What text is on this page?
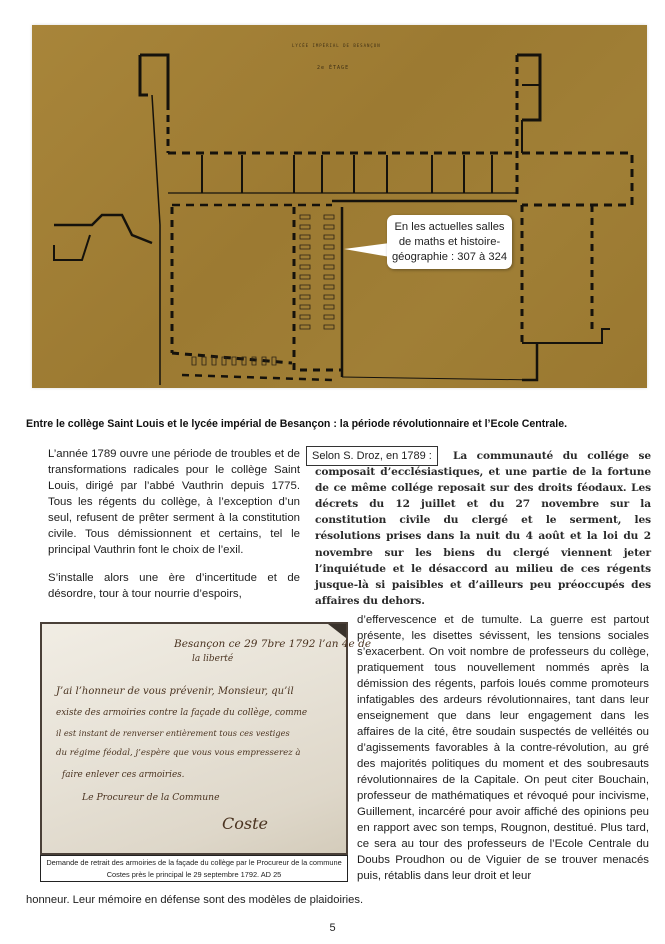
LYCÉE IMPÉRIAL DE BESANÇON
2e ÉTAGE
En les actuelles salles
de maths et histoire-
géographie : 307 à 324
Entre le collège Saint Louis et le lycée impérial de Besançon : la période révolutionnaire et l’Ecole Centrale.

L’année 1789 ouvre une période de troubles et de transformations radicales pour le collège Saint Louis, dirigé par l’abbé Vauthrin depuis 1775. Tous les régents du collège, à l’exception d’un seul, refusent de prêter serment à la constitution civile. Tous démissionnent et certains, tel le principal Vauthrin font le choix de l’exil.

S’installe alors une ère d’incertitude et de désordre, tour à tour nourrie d’espoirs,

La communauté du collége se composait d’ecclésiastiques, et une partie de la fortune de ce même collége reposait sur des droits féodaux. Les décrets du 12 juillet et du 27 novembre sur la constitution civile du clergé et le serment, les résolutions prises dans la nuit du 4 août et la loi du 2 novembre sur les biens du clergé viennent jeter l’inquiétude et le désaccord au milieu de ces régents jusque-là si paisibles et d’ailleurs peu préoccupés des affaires du dehors.
Selon S. Droz, en 1789 :
Besançon ce 29 7bre 1792 l’an 4e de
la liberté
J’ai l’honneur de vous prévenir, Monsieur, qu’il
existe des armoiries contre la façade du collège, comme
il est instant de renverser entièrement tous ces vestiges
du régime féodal, j’espère que vous vous empresserez à
faire enlever ces armoiries.
Le Procureur de la Commune
Coste
Demande de retrait des armoiries de la façade du collège par le Procureur de la commune Costes près le principal le 29 septembre 1792. AD 25
d’effervescence et de tumulte. La guerre est partout présente, les disettes sévissent, les tensions sociales s’exacerbent. On voit nombre de professeurs du collège, pratiquement tous nouvellement nommés après la démission des régents, parfois loués comme promoteurs infatigables des ardeurs révolutionnaires, tant dans leur enseignement que dans leur engagement dans les affaires de la cité, être soudain suspectés de velléités ou d’agissements favorables à la contre-révolution, au gré des majorités politiques du moment et des soubresauts révolutionnaires de la Capitale. On peut citer Bouchain, professeur de mathématiques et révoqué pour incivisme, Guillement, incarcéré pour avoir affiché des opinions peu en rapport avec son temps, Rougnon, destitué. Plus tard, ce sera au tour des professeurs de l’Ecole Centrale du Doubs Proudhon ou de Viguier de se trouver menacés puis, rétablis dans leur droit et leur
honneur. Leur mémoire en défense sont des modèles de plaidoiries.
5
